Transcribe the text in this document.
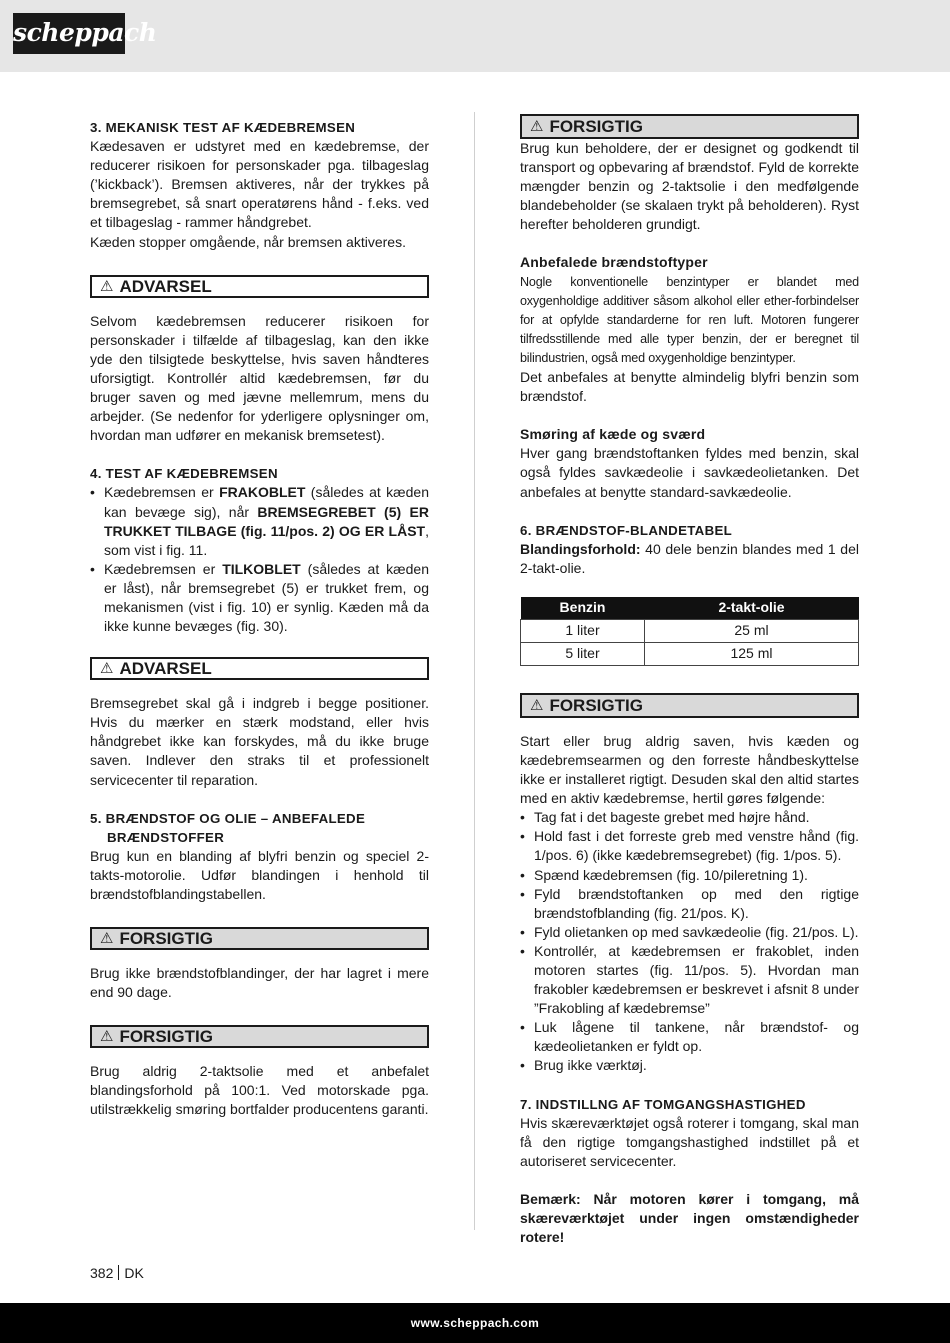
scheppach

3. MEKANISK TEST AF KÆDEBREMSEN

Kædesaven er udstyret med en kædebremse, der reducerer risikoen for personskader pga. tilbageslag (’kickback’). Bremsen aktiveres, når der trykkes på bremsegrebet, så snart operatørens hånd - f.eks. ved et tilbageslag - rammer håndgrebet.

Kæden stopper omgående, når bremsen aktiveres.

⚠ ADVARSEL

Selvom kædebremsen reducerer risikoen for personskader i tilfælde af tilbageslag, kan den ikke yde den tilsigtede beskyttelse, hvis saven håndteres uforsigtigt. Kontrollér altid kædebremsen, før du bruger saven og med jævne mellemrum, mens du arbejder. (Se nedenfor for yderligere oplysninger om, hvordan man udfører en mekanisk bremsetest).

4. TEST AF KÆDEBREMSEN

• Kædebremsen er FRAKOBLET (således at kæden kan bevæge sig), når BREMSEGREBET (5) ER TRUKKET TILBAGE (fig. 11/pos. 2) OG ER LÅST, som vist i fig. 11.
• Kædebremsen er TILKOBLET (således at kæden er låst), når bremsegrebet (5) er trukket frem, og mekanismen (vist i fig. 10) er synlig. Kæden må da ikke kunne bevæges (fig. 30).
⚠ ADVARSEL

Bremsegrebet skal gå i indgreb i begge positioner. Hvis du mærker en stærk modstand, eller hvis håndgrebet ikke kan forskydes, må du ikke bruge saven. Indlever den straks til et professionelt servicecenter til reparation.

5. BRÆNDSTOF OG OLIE – ANBEFALEDE

BRÆNDSTOFFER

Brug kun en blanding af blyfri benzin og speciel 2-takts-motorolie. Udfør blandingen i henhold til brændstofblandingstabellen.

⚠ FORSIGTIG

Brug ikke brændstofblandinger, der har lagret i mere end 90 dage.

⚠ FORSIGTIG

Brug aldrig 2-taktsolie med et anbefalet blandingsforhold på 100:1. Ved motorskade pga. utilstrækkelig smøring bortfalder producentens garanti.

⚠ FORSIGTIG

Brug kun beholdere, der er designet og godkendt til transport og opbevaring af brændstof. Fyld de korrekte mængder benzin og 2-taktsolie i den medfølgende blandebeholder (se skalaen trykt på beholderen). Ryst herefter beholderen grundigt.

Anbefalede brændstoftyper

Nogle konventionelle benzintyper er blandet med oxygenholdige additiver såsom alkohol eller ether-forbindelser for at opfylde standarderne for ren luft. Motoren fungerer tilfredsstillende med alle typer benzin, der er beregnet til bilindustrien, også med oxygenholdige benzintyper.

Det anbefales at benytte almindelig blyfri benzin som brændstof.

Smøring af kæde og sværd

Hver gang brændstoftanken fyldes med benzin, skal også fyldes savkædeolie i savkædeolietanken. Det anbefales at benytte standard-savkædeolie.

6. BRÆNDSTOF-BLANDETABEL

Blandingsforhold: 40 dele benzin blandes med 1 del 2-takt-olie.

Benzin	2-takt-olie
1 liter	25 ml
5 liter	125 ml
⚠ FORSIGTIG

Start eller brug aldrig saven, hvis kæden og kædebremsearmen og den forreste håndbeskyttelse ikke er installeret rigtigt. Desuden skal den altid startes med en aktiv kædebremse, hertil gøres følgende:

• Tag fat i det bageste grebet med højre hånd.
• Hold fast i det forreste greb med venstre hånd (fig. 1/pos. 6) (ikke kædebremsegrebet) (fig. 1/pos. 5).
• Spænd kædebremsen (fig. 10/pileretning 1).
• Fyld brændstoftanken op med den rigtige brændstofblanding (fig. 21/pos. K).
• Fyld olietanken op med savkædeolie (fig. 21/pos. L).
• Kontrollér, at kædebremsen er frakoblet, inden motoren startes (fig. 11/pos. 5). Hvordan man frakobler kædebremsen er beskrevet i afsnit 8 under ”Frakobling af kædebremse”
• Luk lågene til tankene, når brændstof- og kædeolietanken er fyldt op.
• Brug ikke værktøj.

7. INDSTILLNG AF TOMGANGSHASTIGHED

Hvis skæreværktøjet også roterer i tomgang, skal man få den rigtige tomgangshastighed indstillet på et autoriseret servicecenter.

Bemærk: Når motoren kører i tomgang, må skæreværktøjet under ingen omstændigheder rotere!

382 DK
www.scheppach.com
